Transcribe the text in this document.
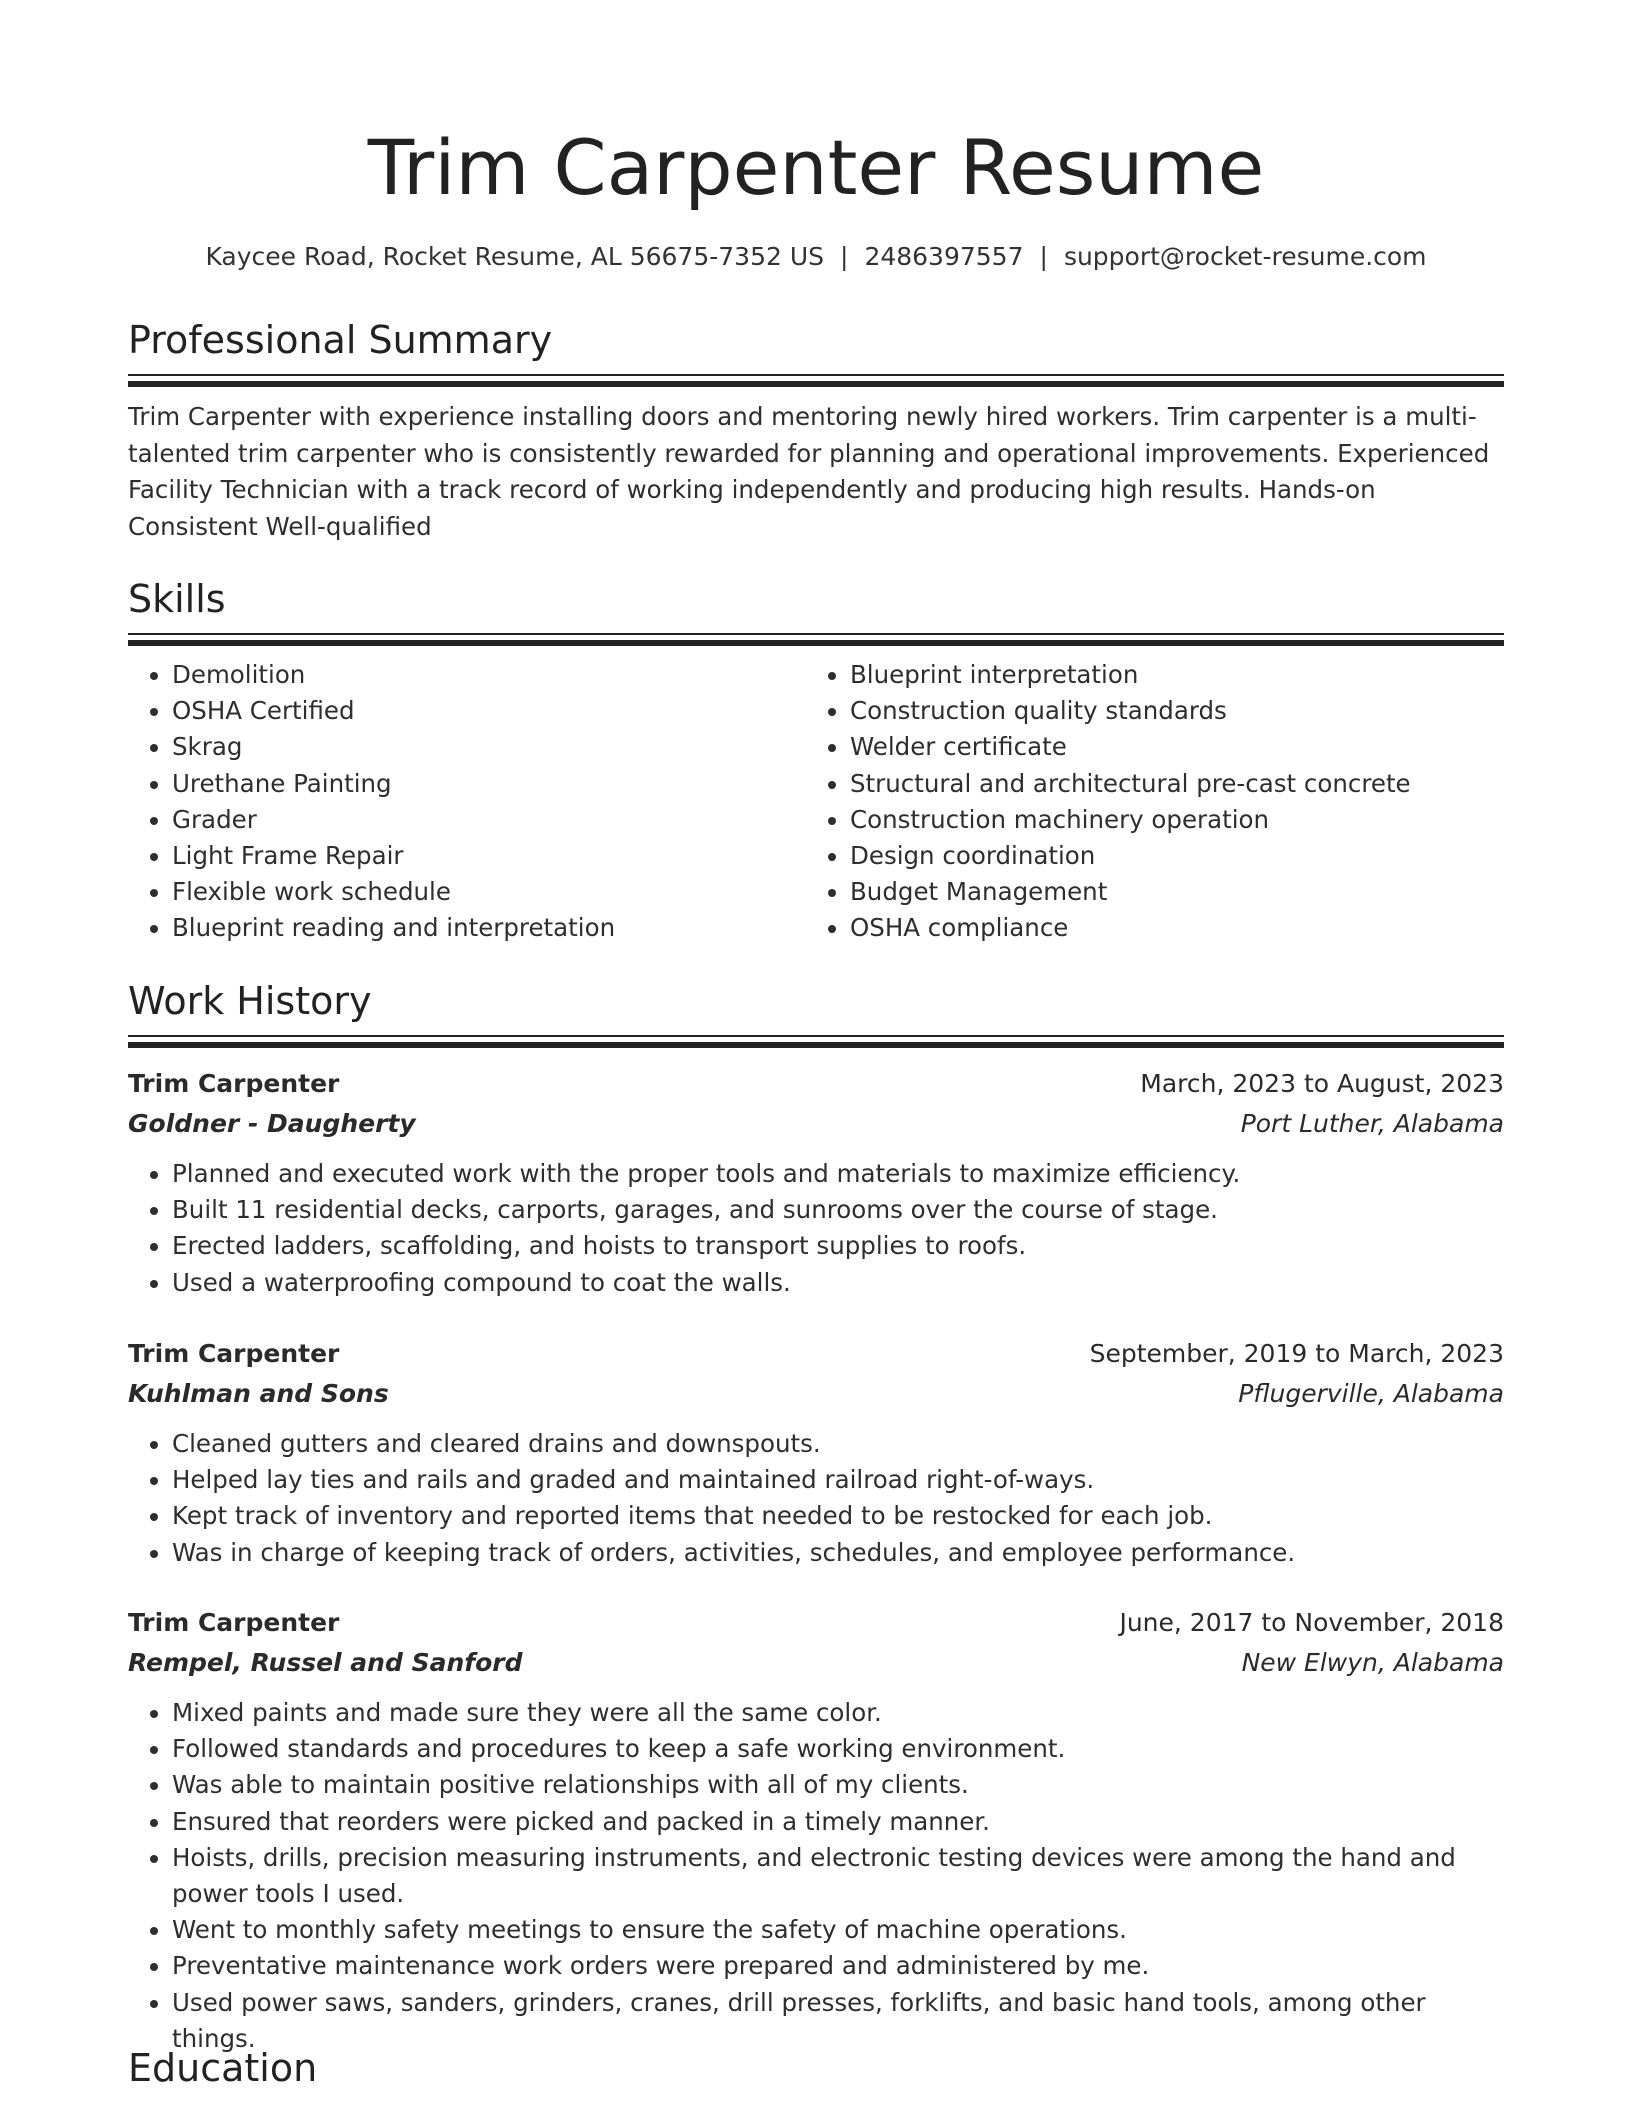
Trim Carpenter Resume
Kaycee Road, Rocket Resume, AL 56675-7352 US | 2486397557 | support@rocket-resume.com
Professional Summary

Trim Carpenter with experience installing doors and mentoring newly hired workers. Trim carpenter is a multi-talented trim carpenter who is consistently rewarded for planning and operational improvements. Experienced Facility Technician with a track record of working independently and producing high results. Hands-on Consistent Well-qualified

Skills
• Demolition
• OSHA Certified
• Skrag
• Urethane Painting
• Grader
• Light Frame Repair
• Flexible work schedule
• Blueprint reading and interpretation
• Blueprint interpretation
• Construction quality standards
• Welder certificate
• Structural and architectural pre-cast concrete
• Construction machinery operation
• Design coordination
• Budget Management
• OSHA compliance
Work History
Trim Carpenter	March, 2023 to August, 2023
Goldner - Daugherty	Port Luther, Alabama
• Planned and executed work with the proper tools and materials to maximize efficiency.
• Built 11 residential decks, carports, garages, and sunrooms over the course of stage.
• Erected ladders, scaffolding, and hoists to transport supplies to roofs.
• Used a waterproofing compound to coat the walls.
Trim Carpenter	September, 2019 to March, 2023
Kuhlman and Sons	Pflugerville, Alabama
• Cleaned gutters and cleared drains and downspouts.
• Helped lay ties and rails and graded and maintained railroad right-of-ways.
• Kept track of inventory and reported items that needed to be restocked for each job.
• Was in charge of keeping track of orders, activities, schedules, and employee performance.
Trim Carpenter	June, 2017 to November, 2018
Rempel, Russel and Sanford	New Elwyn, Alabama
• Mixed paints and made sure they were all the same color.
• Followed standards and procedures to keep a safe working environment.
• Was able to maintain positive relationships with all of my clients.
• Ensured that reorders were picked and packed in a timely manner.
• Hoists, drills, precision measuring instruments, and electronic testing devices were among the hand and power tools I used.
• Went to monthly safety meetings to ensure the safety of machine operations.
• Preventative maintenance work orders were prepared and administered by me.
• Used power saws, sanders, grinders, cranes, drill presses, forklifts, and basic hand tools, among other things.
Education
